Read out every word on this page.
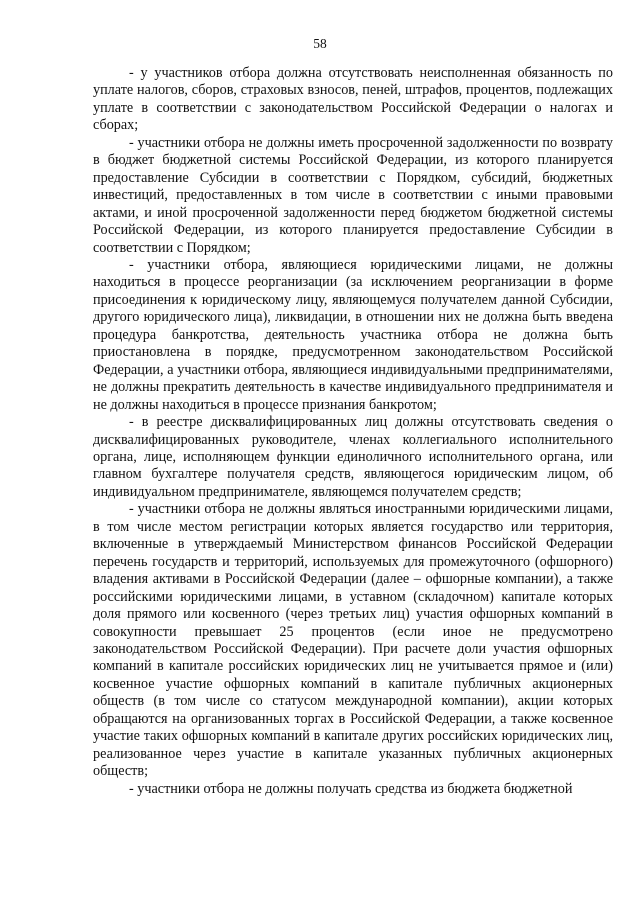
58

- у участников отбора должна отсутствовать неисполненная обязанность по уплате налогов, сборов, страховых взносов, пеней, штрафов, процентов, подлежащих уплате в соответствии с законодательством Российской Федерации о налогах и сборах;

- участники отбора не должны иметь просроченной задолженности по возврату в бюджет бюджетной системы Российской Федерации, из которого планируется предоставление Субсидии в соответствии с Порядком, субсидий, бюджетных инвестиций, предоставленных в том числе в соответствии с иными правовыми актами, и иной просроченной задолженности перед бюджетом бюджетной системы Российской Федерации, из которого планируется предоставление Субсидии в соответствии с Порядком;

- участники отбора, являющиеся юридическими лицами, не должны находиться в процессе реорганизации (за исключением реорганизации в форме присоединения к юридическому лицу, являющемуся получателем данной Субсидии, другого юридического лица), ликвидации, в отношении них не должна быть введена процедура банкротства, деятельность участника отбора не должна быть приостановлена в порядке, предусмотренном законодательством Российской Федерации, а участники отбора, являющиеся индивидуальными предпринимателями, не должны прекратить деятельность в качестве индивидуального предпринимателя и не должны находиться в процессе признания банкротом;

- в реестре дисквалифицированных лиц должны отсутствовать сведения о дисквалифицированных руководителе, членах коллегиального исполнительного органа, лице, исполняющем функции единоличного исполнительного органа, или главном бухгалтере получателя средств, являющегося юридическим лицом, об индивидуальном предпринимателе, являющемся получателем средств;

- участники отбора не должны являться иностранными юридическими лицами, в том числе местом регистрации которых является государство или территория, включенные в утверждаемый Министерством финансов Российской Федерации перечень государств и территорий, используемых для промежуточного (офшорного) владения активами в Российской Федерации (далее – офшорные компании), а также российскими юридическими лицами, в уставном (складочном) капитале которых доля прямого или косвенного (через третьих лиц) участия офшорных компаний в совокупности превышает 25 процентов (если иное не предусмотрено законодательством Российской Федерации). При расчете доли участия офшорных компаний в капитале российских юридических лиц не учитывается прямое и (или) косвенное участие офшорных компаний в капитале публичных акционерных обществ (в том числе со статусом международной компании), акции которых обращаются на организованных торгах в Российской Федерации, а также косвенное участие таких офшорных компаний в капитале других российских юридических лиц, реализованное через участие в капитале указанных публичных акционерных обществ;

- участники отбора не должны получать средства из бюджета бюджетной
